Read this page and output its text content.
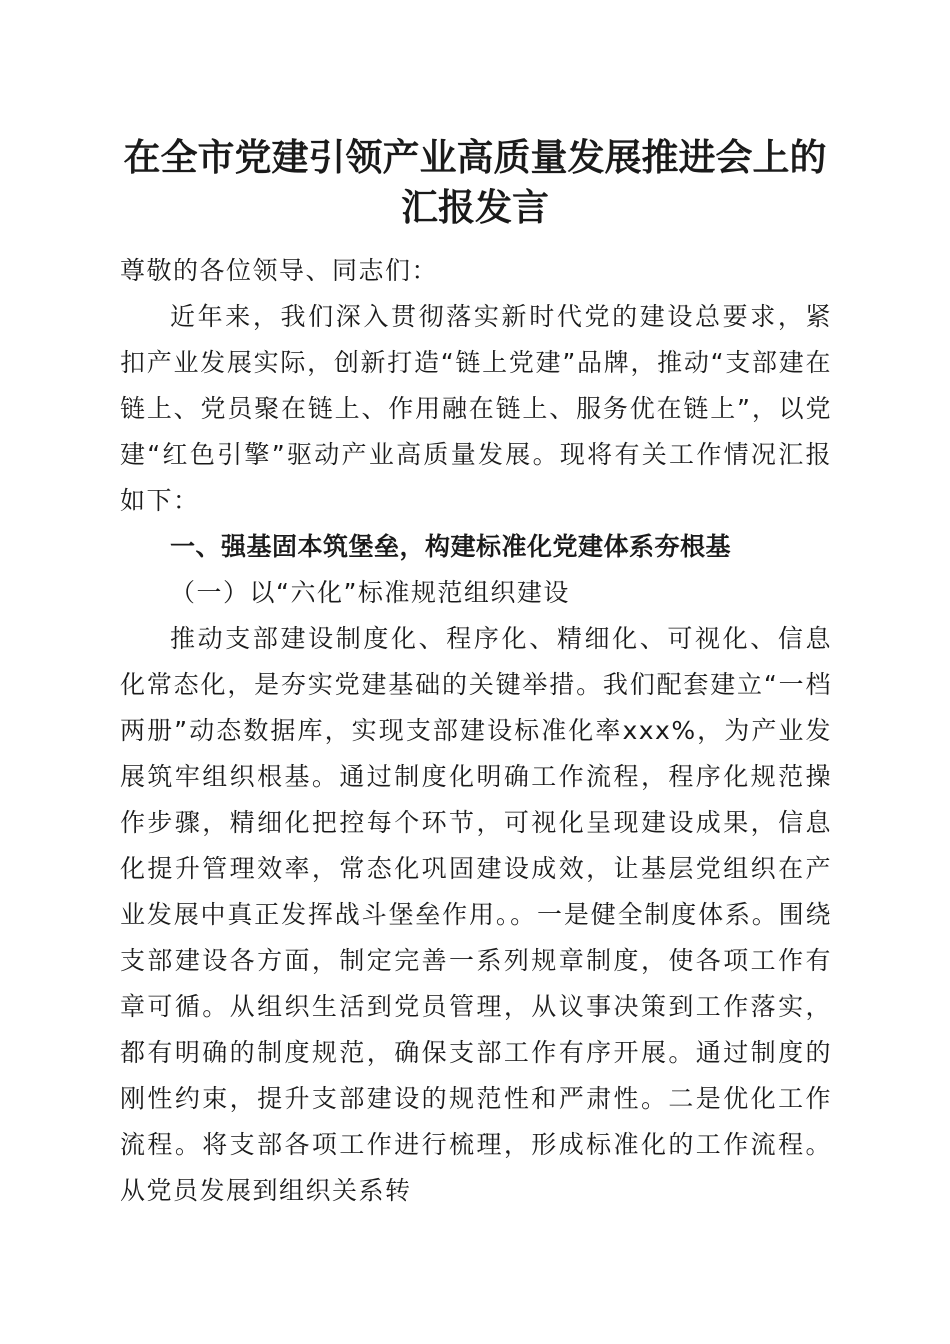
在全市党建引领产业高质量发展推进会上的汇报发言

尊敬的各位领导、同志们：

近年来，我们深入贯彻落实新时代党的建设总要求，紧扣产业发展实际，创新打造“链上党建”品牌，推动“支部建在链上、党员聚在链上、作用融在链上、服务优在链上”，以党建“红色引擎”驱动产业高质量发展。现将有关工作情况汇报如下：

一、强基固本筑堡垒，构建标准化党建体系夯根基

（一）以“六化”标准规范组织建设

推动支部建设制度化、程序化、精细化、可视化、信息化常态化，是夯实党建基础的关键举措。我们配套建立“一档两册”动态数据库，实现支部建设标准化率xxx%，为产业发展筑牢组织根基。通过制度化明确工作流程，程序化规范操作步骤，精细化把控每个环节，可视化呈现建设成果，信息化提升管理效率，常态化巩固建设成效，让基层党组织在产业发展中真正发挥战斗堡垒作用。。一是健全制度体系。围绕支部建设各方面，制定完善一系列规章制度，使各项工作有章可循。从组织生活到党员管理，从议事决策到工作落实，都有明确的制度规范，确保支部工作有序开展。通过制度的刚性约束，提升支部建设的规范性和严肃性。二是优化工作流程。将支部各项工作进行梳理，形成标准化的工作流程。从党员发展到组织关系转
